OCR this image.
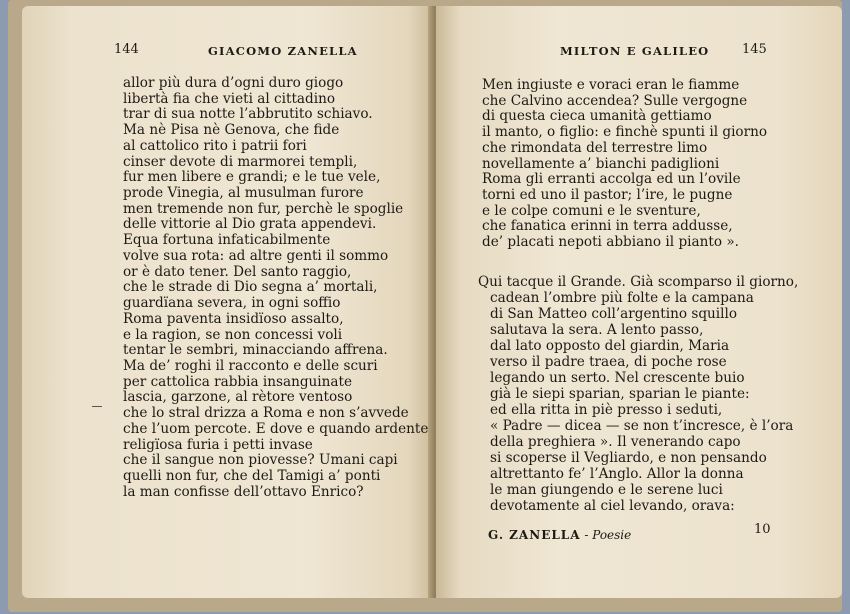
144	GIACOMO ZANELLA
allor più dura d’ogni duro giogo
libertà fia che vieti al cittadino
trar di sua notte l’abbrutito schiavo.
Ma nè Pisa nè Genova, che fide
al cattolico rito i patrii fori
cinser devote di marmorei templi,
fur men libere e grandi; e le tue vele,
prode Vinegia, al musulman furore
men tremende non fur, perchè le spoglie
delle vittorie al Dio grata appendevi.
Equa fortuna infaticabilmente
volve sua rota: ad altre genti il sommo
or è dato tener. Del santo raggio,
che le strade di Dio segna a’ mortali,
guardïana severa, in ogni soffio
Roma paventa insidïoso assalto,
e la ragion, se non concessi voli
tentar le sembri, minacciando affrena.
Ma de’ roghi il racconto e delle scuri
per cattolica rabbia insanguinate
lascia, garzone, al rètore ventoso
che lo stral drizza a Roma e non s’avvede
che l’uom percote. E dove e quando ardente
religïosa furia i petti invase
che il sangue non piovesse? Umani capi
quelli non fur, che del Tamigi a’ ponti
la man confisse dell’ottavo Enrico?
MILTON E GALILEO	145
Men ingiuste e voraci eran le fiamme
che Calvino accendea? Sulle vergogne
di questa cieca umanità gettiamo
il manto, o figlio: e finchè spunti il giorno
che rimondata del terrestre limo
novellamente a’ bianchi padiglioni
Roma gli erranti accolga ed un l’ovile
torni ed uno il pastor; l’ire, le pugne
e le colpe comuni e le sventure,
che fanatica erinni in terra addusse,
de’ placati nepoti abbiano il pianto ».
Qui tacque il Grande. Già scomparso il giorno,
cadean l’ombre più folte e la campana
di San Matteo coll’argentino squillo
salutava la sera. A lento passo,
dal lato opposto del giardin, Maria
verso il padre traea, di poche rose
legando un serto. Nel crescente buio
già le siepi sparian, sparian le piante:
ed ella ritta in piè presso i seduti,
« Padre — dicea — se non t’incresce, è l’ora
della preghiera ». Il venerando capo
si scoperse il Vegliardo, e non pensando
altrettanto fe’ l’Anglo. Allor la donna
le man giungendo e le serene luci
devotamente al ciel levando, orava:
G. ZANELLA - Poesie	10
